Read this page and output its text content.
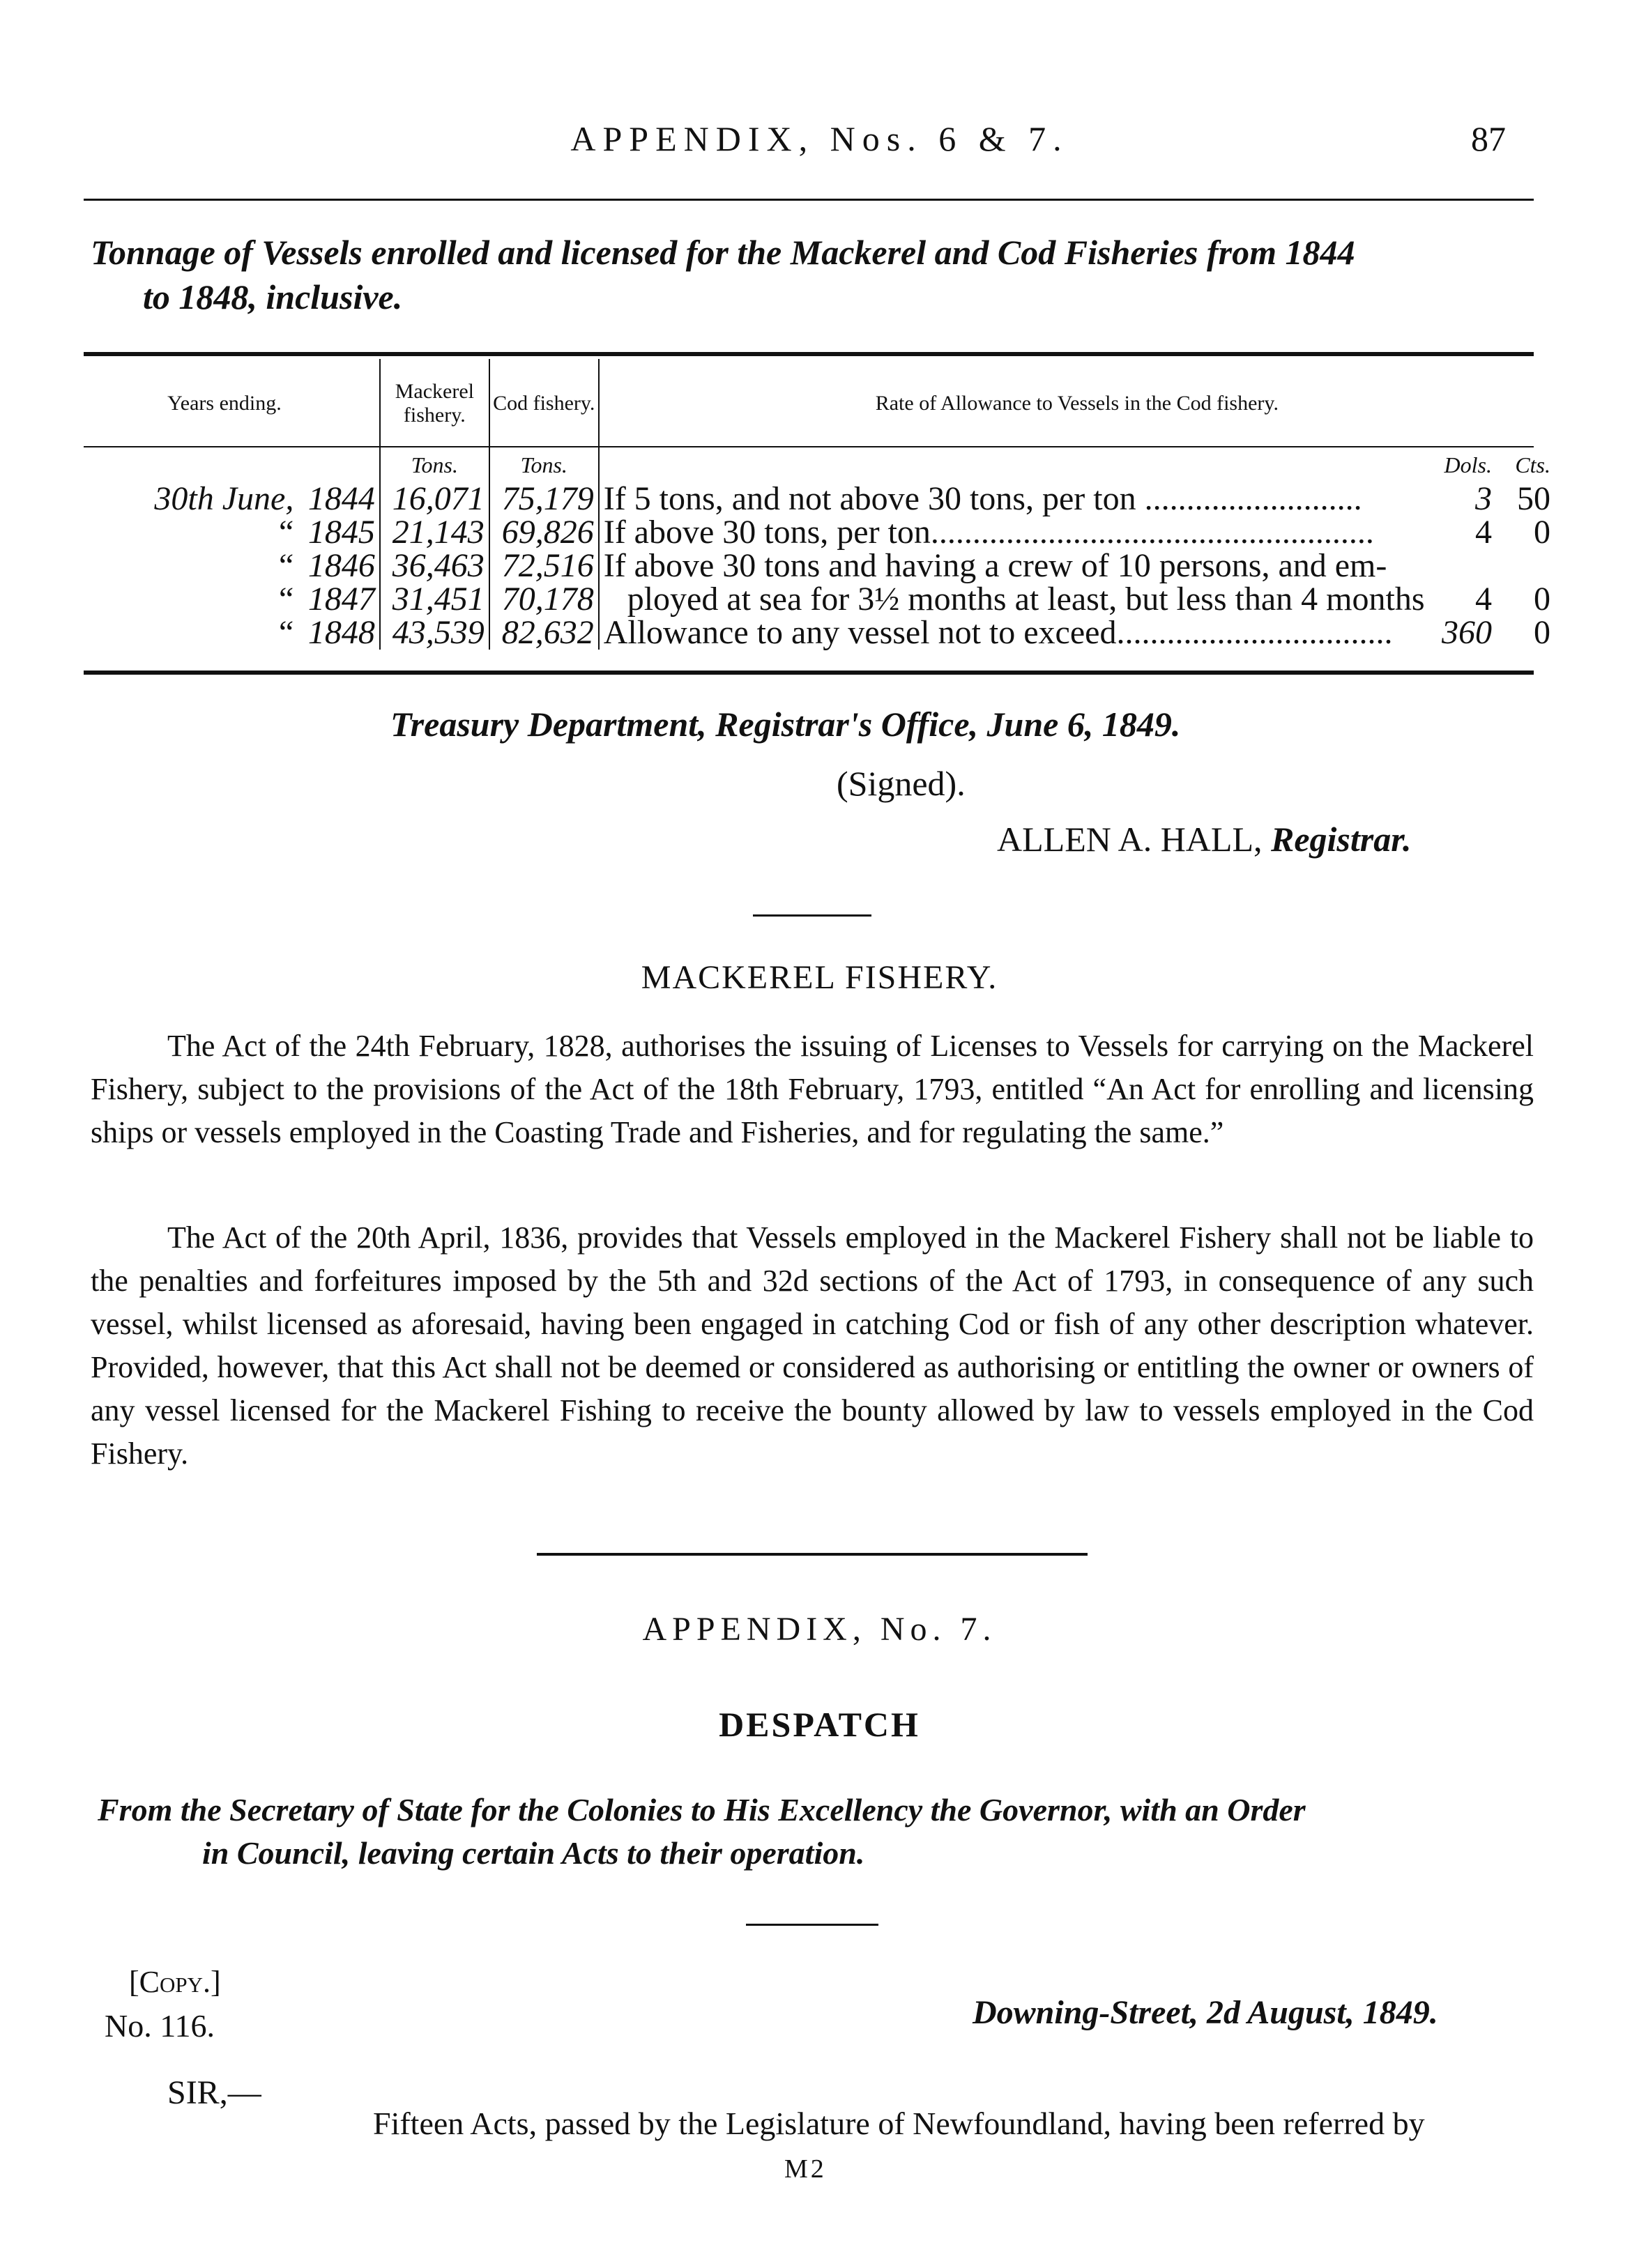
APPENDIX, Nos. 6 & 7.	87
Tonnage of Vessels enrolled and licensed for the Mackerel and Cod Fisheries from 1844
to 1848, inclusive.
Years ending.		Mackerel fishery.	Cod fishery.	Rate of Allowance to Vessels in the Cod fishery.		
		Tons.	Tons.		Dols.	Cts.
30th June,	1844	16,071	75,179	If 5 tons, and not above 30 tons, per ton ..........................	3	50
“	1845	21,143	69,826	If above 30 tons, per ton.....................................................	4	0
“	1846	36,463	72,516	If above 30 tons and having a crew of 10 persons, and em-		
“	1847	31,451	70,178	ployed at sea for 3½ months at least, but less than 4 months	4	0
“	1848	43,539	82,632	Allowance to any vessel not to exceed.................................	360	0
Treasury Department, Registrar's Office, June 6, 1849.
(Signed).
ALLEN A. HALL, Registrar.
MACKEREL FISHERY.
The Act of the 24th February, 1828, authorises the issuing of Licenses to Vessels for carrying on the Mackerel Fishery, subject to the provisions of the Act of the 18th February, 1793, entitled “An Act for enrolling and licensing ships or vessels employed in the Coasting Trade and Fisheries, and for regulating the same.”
The Act of the 20th April, 1836, provides that Vessels employed in the Mackerel Fishery shall not be liable to the penalties and forfeitures imposed by the 5th and 32d sections of the Act of 1793, in consequence of any such vessel, whilst licensed as aforesaid, having been engaged in catching Cod or fish of any other description whatever. Provided, however, that this Act shall not be deemed or considered as authorising or entitling the owner or owners of any vessel licensed for the Mackerel Fishing to receive the bounty allowed by law to vessels employed in the Cod Fishery.
APPENDIX, No. 7.
DESPATCH
From the Secretary of State for the Colonies to His Excellency the Governor, with an Order
in Council, leaving certain Acts to their operation.
[Copy.]
No. 116.	Downing-Street, 2d August, 1849.
SIR,—
Fifteen Acts, passed by the Legislature of Newfoundland, having been referred by
M2
